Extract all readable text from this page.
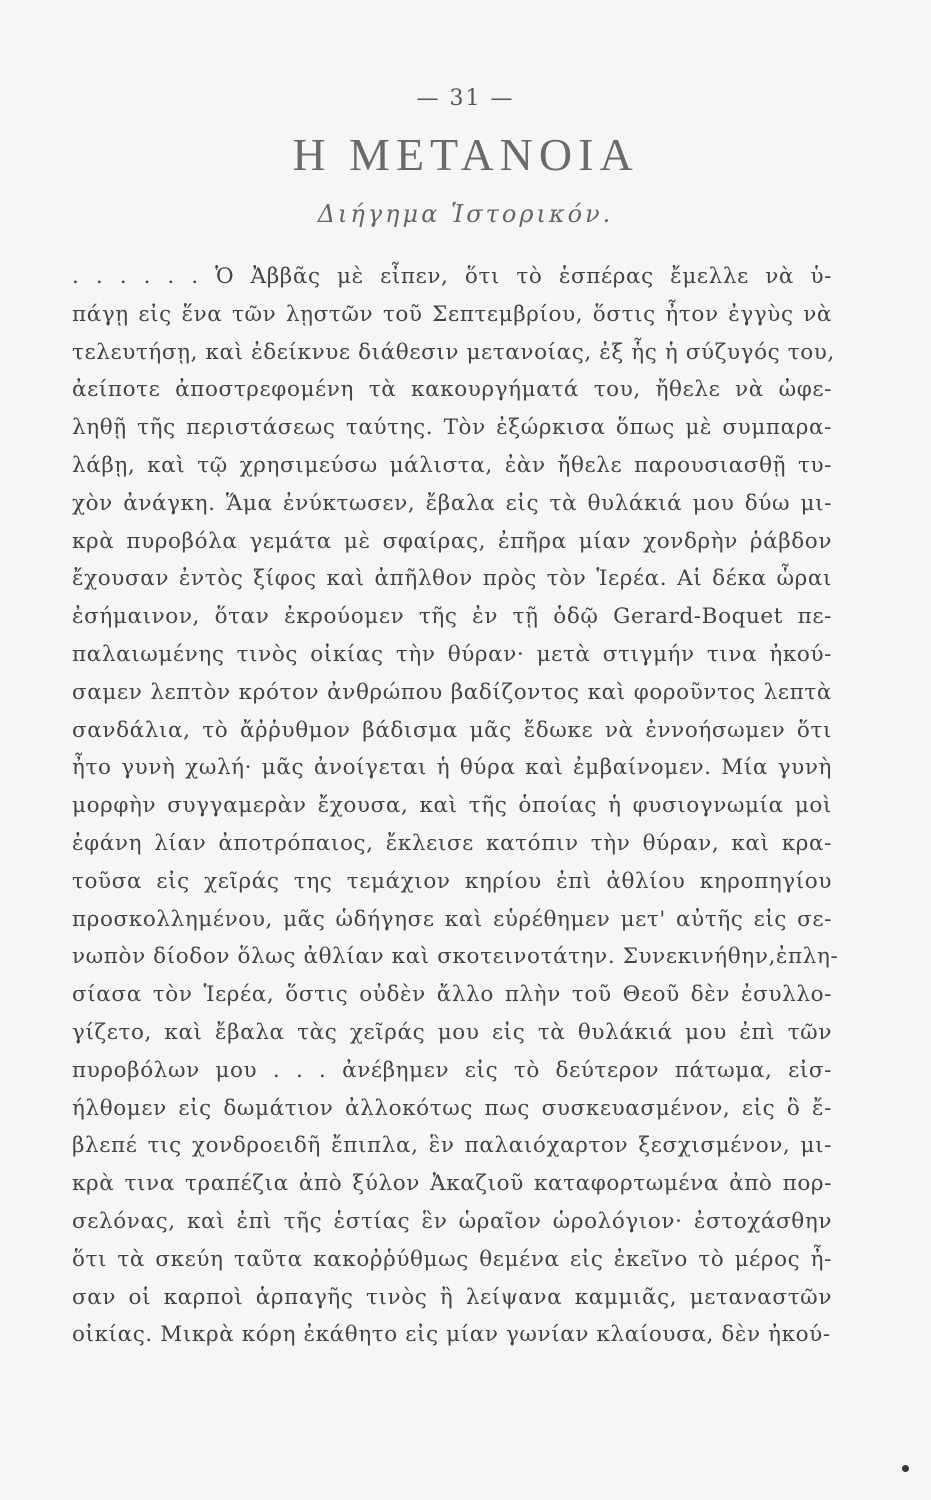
— 31 —
Η ΜΕΤΑΝΟΙΑ
Διήγημα Ἱστορικόν.
. . . . . . Ὁ Ἀββᾶς μὲ εἶπεν, ὅτι τὸ ἑσπέρας ἔμελλε νὰ ὑ-
πάγῃ εἰς ἕνα τῶν λῃστῶν τοῦ Σεπτεμβρίου, ὅστις ἦτον ἐγγὺς νὰ
τελευτήσῃ, καὶ ἐδείκνυε διάθεσιν μετανοίας, ἐξ ἧς ἡ σύζυγός του,
ἀείποτε ἀποστρεφομένη τὰ κακουργήματά του, ἤθελε νὰ ὠφε-
ληθῇ τῆς περιστάσεως ταύτης. Τὸν ἐξώρκισα ὅπως μὲ συμπαρα-
λάβῃ, καὶ τῷ χρησιμεύσω μάλιστα, ἐὰν ἤθελε παρουσιασθῇ τυ-
χὸν ἀνάγκη. Ἅμα ἐνύκτωσεν, ἔβαλα εἰς τὰ θυλάκιά μου δύω μι-
κρὰ πυροβόλα γεμάτα μὲ σφαίρας, ἐπῆρα μίαν χονδρὴν ῥάβδον
ἔχουσαν ἐντὸς ξίφος καὶ ἀπῆλθον πρὸς τὸν Ἱερέα. Αἱ δέκα ὧραι
ἐσήμαινον, ὅταν ἐκρούομεν τῆς ἐν τῇ ὁδῷ Gerard-Boquet πε-
παλαιωμένης τινὸς οἰκίας τὴν θύραν· μετὰ στιγμήν τινα ἠκού-
σαμεν λεπτὸν κρότον ἀνθρώπου βαδίζοντος καὶ φοροῦντος λεπτὰ
σανδάλια, τὸ ἄῤῥυθμον βάδισμα μᾶς ἔδωκε νὰ ἐννοήσωμεν ὅτι
ἦτο γυνὴ χωλή· μᾶς ἀνοίγεται ἡ θύρα καὶ ἐμβαίνομεν. Μία γυνὴ
μορφὴν συγγαμερὰν ἔχουσα, καὶ τῆς ὁποίας ἡ φυσιογνωμία μοὶ
ἐφάνη λίαν ἀποτρόπαιος, ἔκλεισε κατόπιν τὴν θύραν, καὶ κρα-
τοῦσα εἰς χεῖράς της τεμάχιον κηρίου ἐπὶ ἀθλίου κηροπηγίου
προσκολλημένου, μᾶς ὡδήγησε καὶ εὑρέθημεν μετ' αὐτῆς εἰς σε-
νωπὸν δίοδον ὅλως ἀθλίαν καὶ σκοτεινοτάτην. Συνεκινήθην,ἐπλη-
σίασα τὸν Ἱερέα, ὅστις οὐδὲν ἄλλο πλὴν τοῦ Θεοῦ δὲν ἐσυλλο-
γίζετο, καὶ ἔβαλα τὰς χεῖράς μου εἰς τὰ θυλάκιά μου ἐπὶ τῶν
πυροβόλων μου . . . ἀνέβημεν εἰς τὸ δεύτερον πάτωμα, εἰσ-
ήλθομεν εἰς δωμάτιον ἀλλοκότως πως συσκευασμένον, εἰς ὃ ἔ-
βλεπέ τις χονδροειδῆ ἔπιπλα, ἓν παλαιόχαρτον ξεσχισμένον, μι-
κρὰ τινα τραπέζια ἀπὸ ξύλον Ἀκαζιοῦ καταφορτωμένα ἀπὸ πορ-
σελόνας, καὶ ἐπὶ τῆς ἑστίας ἓν ὡραῖον ὡρολόγιον· ἐστοχάσθην
ὅτι τὰ σκεύη ταῦτα κακοῤῥύθμως θεμένα εἰς ἐκεῖνο τὸ μέρος ἦ-
σαν οἱ καρποὶ ἁρπαγῆς τινὸς ἢ λείψανα καμμιᾶς, μεταναστῶν
οἰκίας. Μικρὰ κόρη ἐκάθητο εἰς μίαν γωνίαν κλαίουσα, δὲν ἠκού-
